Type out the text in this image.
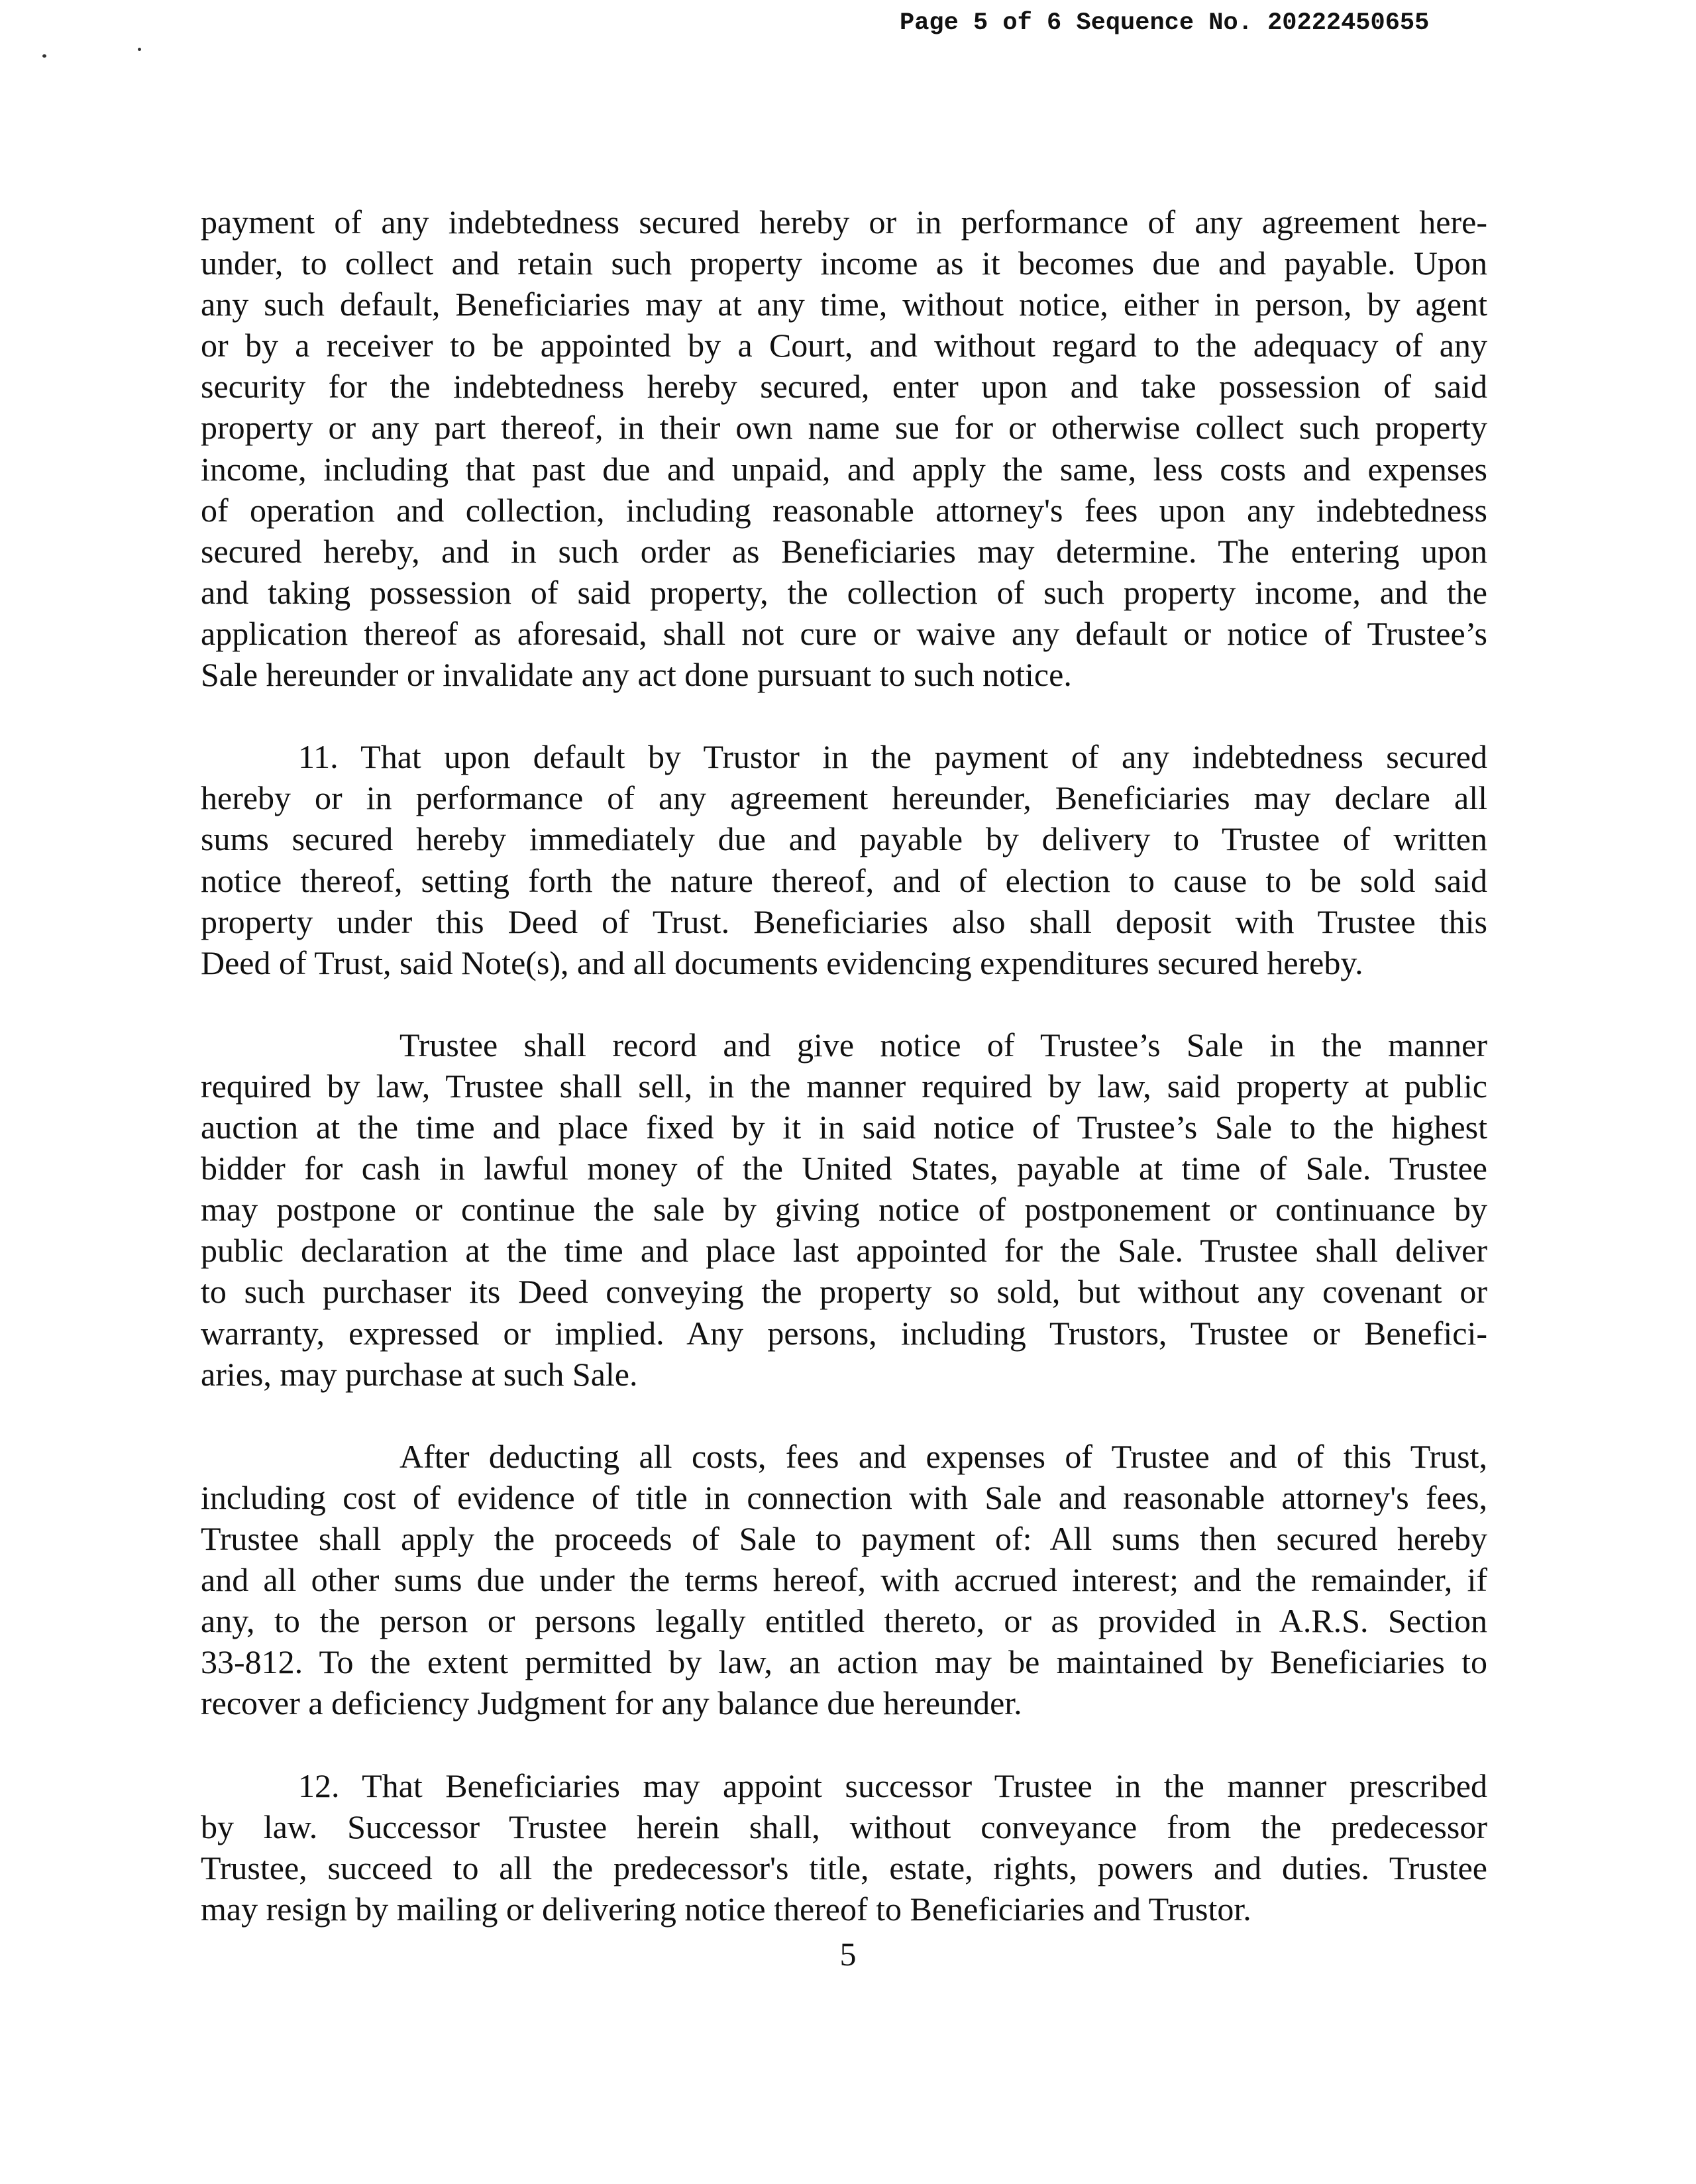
Page 5 of 6 Sequence No. 20222450655
payment of any indebtedness secured hereby or in performance of any agreement here-
under, to collect and retain such property income as it becomes due and payable. Upon
any such default, Beneficiaries may at any time, without notice, either in person, by agent
or by a receiver to be appointed by a Court, and without regard to the adequacy of any
security for the indebtedness hereby secured, enter upon and take possession of said
property or any part thereof, in their own name sue for or otherwise collect such property
income, including that past due and unpaid, and apply the same, less costs and expenses
of operation and collection, including reasonable attorney's fees upon any indebtedness
secured hereby, and in such order as Beneficiaries may determine. The entering upon
and taking possession of said property, the collection of such property income, and the
application thereof as aforesaid, shall not cure or waive any default or notice of Trustee’s
Sale hereunder or invalidate any act done pursuant to such notice.
11. That upon default by Trustor in the payment of any indebtedness secured
hereby or in performance of any agreement hereunder, Beneficiaries may declare all
sums secured hereby immediately due and payable by delivery to Trustee of written
notice thereof, setting forth the nature thereof, and of election to cause to be sold said
property under this Deed of Trust. Beneficiaries also shall deposit with Trustee this
Deed of Trust, said Note(s), and all documents evidencing expenditures secured hereby.
Trustee shall record and give notice of Trustee’s Sale in the manner
required by law, Trustee shall sell, in the manner required by law, said property at public
auction at the time and place fixed by it in said notice of Trustee’s Sale to the highest
bidder for cash in lawful money of the United States, payable at time of Sale. Trustee
may postpone or continue the sale by giving notice of postponement or continuance by
public declaration at the time and place last appointed for the Sale. Trustee shall deliver
to such purchaser its Deed conveying the property so sold, but without any covenant or
warranty, expressed or implied. Any persons, including Trustors, Trustee or Benefici-
aries, may purchase at such Sale.
After deducting all costs, fees and expenses of Trustee and of this Trust,
including cost of evidence of title in connection with Sale and reasonable attorney's fees,
Trustee shall apply the proceeds of Sale to payment of: All sums then secured hereby
and all other sums due under the terms hereof, with accrued interest; and the remainder, if
any, to the person or persons legally entitled thereto, or as provided in A.R.S. Section
33-812. To the extent permitted by law, an action may be maintained by Beneficiaries to
recover a deficiency Judgment for any balance due hereunder.
12. That Beneficiaries may appoint successor Trustee in the manner prescribed
by law. Successor Trustee herein shall, without conveyance from the predecessor
Trustee, succeed to all the predecessor's title, estate, rights, powers and duties. Trustee
may resign by mailing or delivering notice thereof to Beneficiaries and Trustor.
5
